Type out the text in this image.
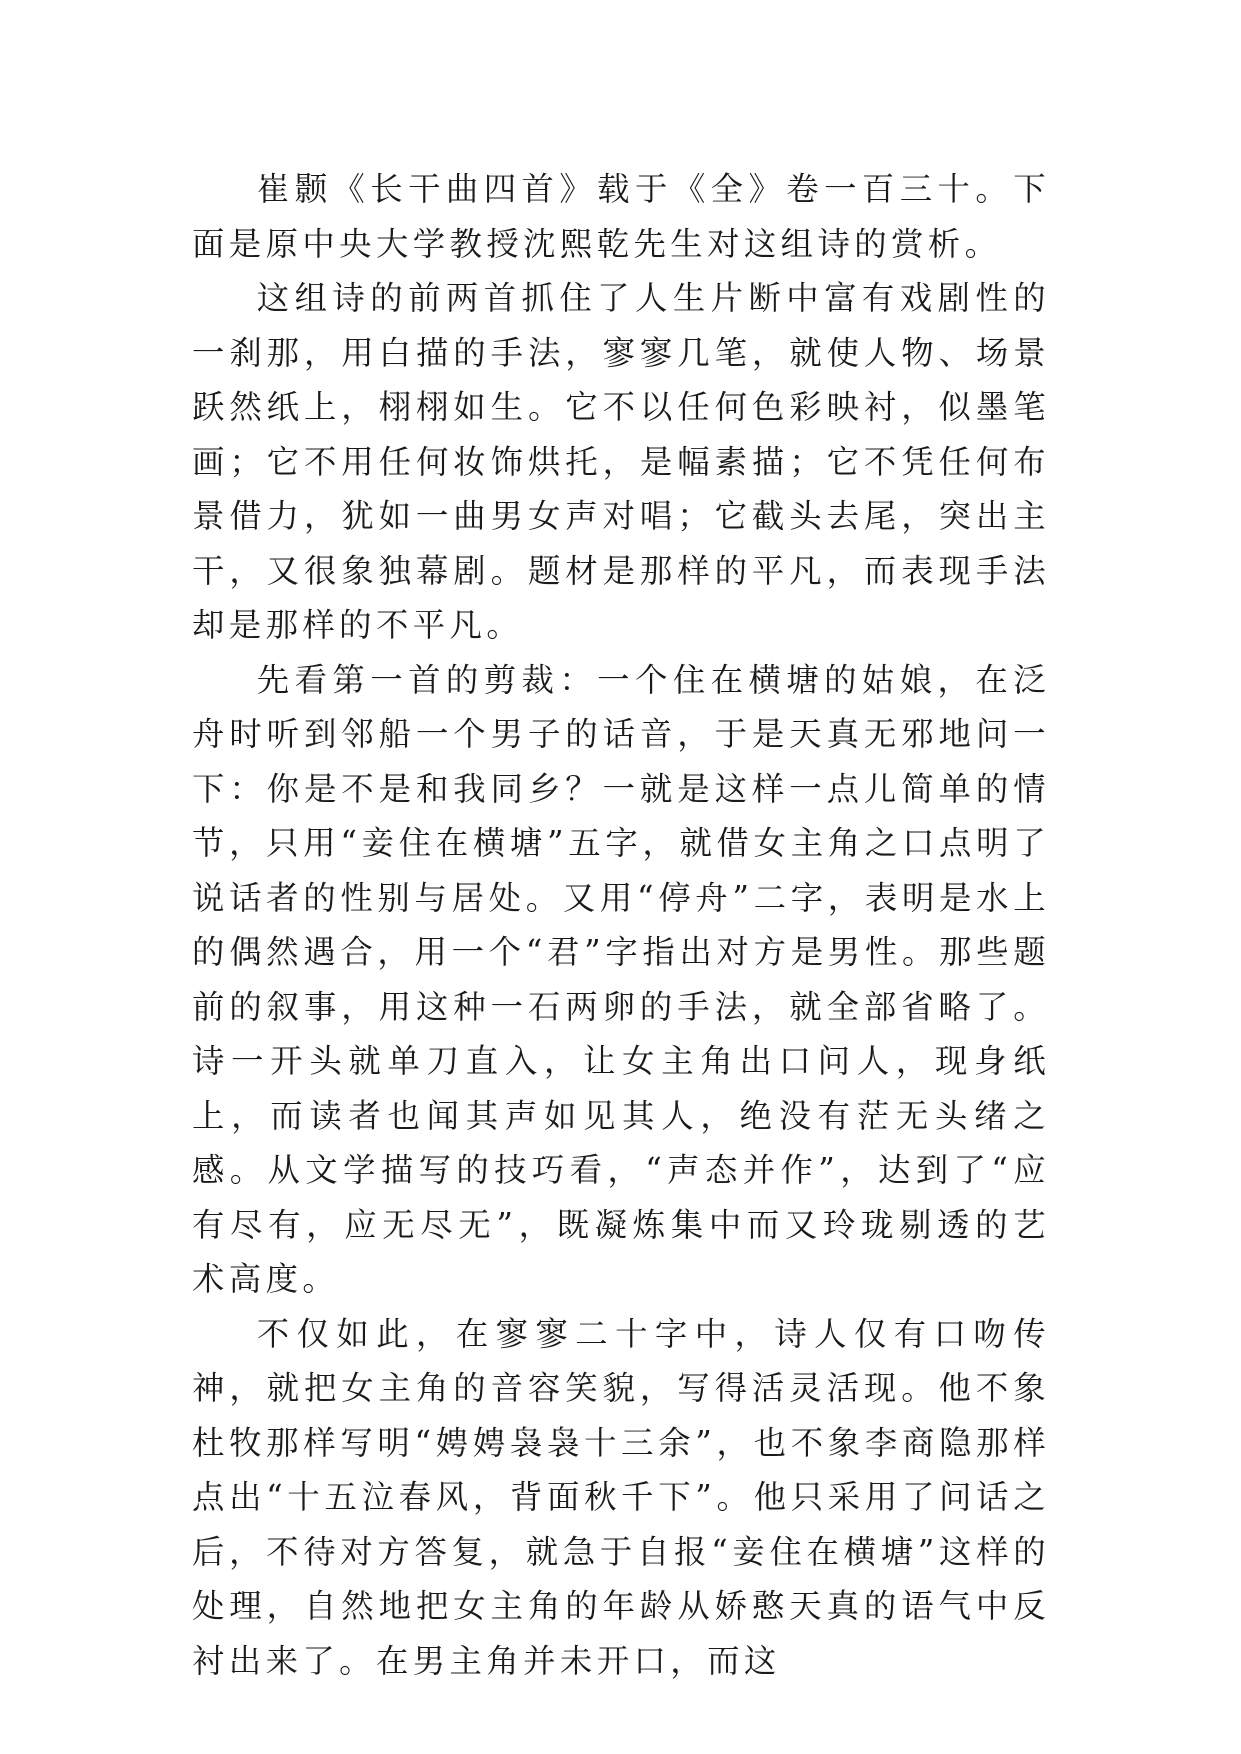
崔颢《长干曲四首》载于《全》卷一百三十。下面是原中央大学教授沈熙乾先生对这组诗的赏析。

这组诗的前两首抓住了人生片断中富有戏剧性的一刹那，用白描的手法，寥寥几笔，就使人物、场景跃然纸上，栩栩如生。它不以任何色彩映衬，似墨笔画；它不用任何妆饰烘托，是幅素描；它不凭任何布景借力，犹如一曲男女声对唱；它截头去尾，突出主干，又很象独幕剧。题材是那样的平凡，而表现手法却是那样的不平凡。

先看第一首的剪裁：一个住在横塘的姑娘，在泛舟时听到邻船一个男子的话音，于是天真无邪地问一下：你是不是和我同乡？一就是这样一点儿简单的情节，只用“妾住在横塘”五字，就借女主角之口点明了说话者的性别与居处。又用“停舟”二字，表明是水上的偶然遇合，用一个“君”字指出对方是男性。那些题前的叙事，用这种一石两卵的手法，就全部省略了。诗一开头就单刀直入，让女主角出口问人，现身纸上，而读者也闻其声如见其人，绝没有茫无头绪之感。从文学描写的技巧看，“声态并作”，达到了“应有尽有，应无尽无”，既凝炼集中而又玲珑剔透的艺术高度。

不仅如此，在寥寥二十字中，诗人仅有口吻传神，就把女主角的音容笑貌，写得活灵活现。他不象杜牧那样写明“娉娉袅袅十三余”，也不象李商隐那样点出“十五泣春风，背面秋千下”。他只采用了问话之后，不待对方答复，就急于自报“妾住在横塘”这样的处理，自然地把女主角的年龄从娇憨天真的语气中反衬出来了。在男主角并未开口，而这
